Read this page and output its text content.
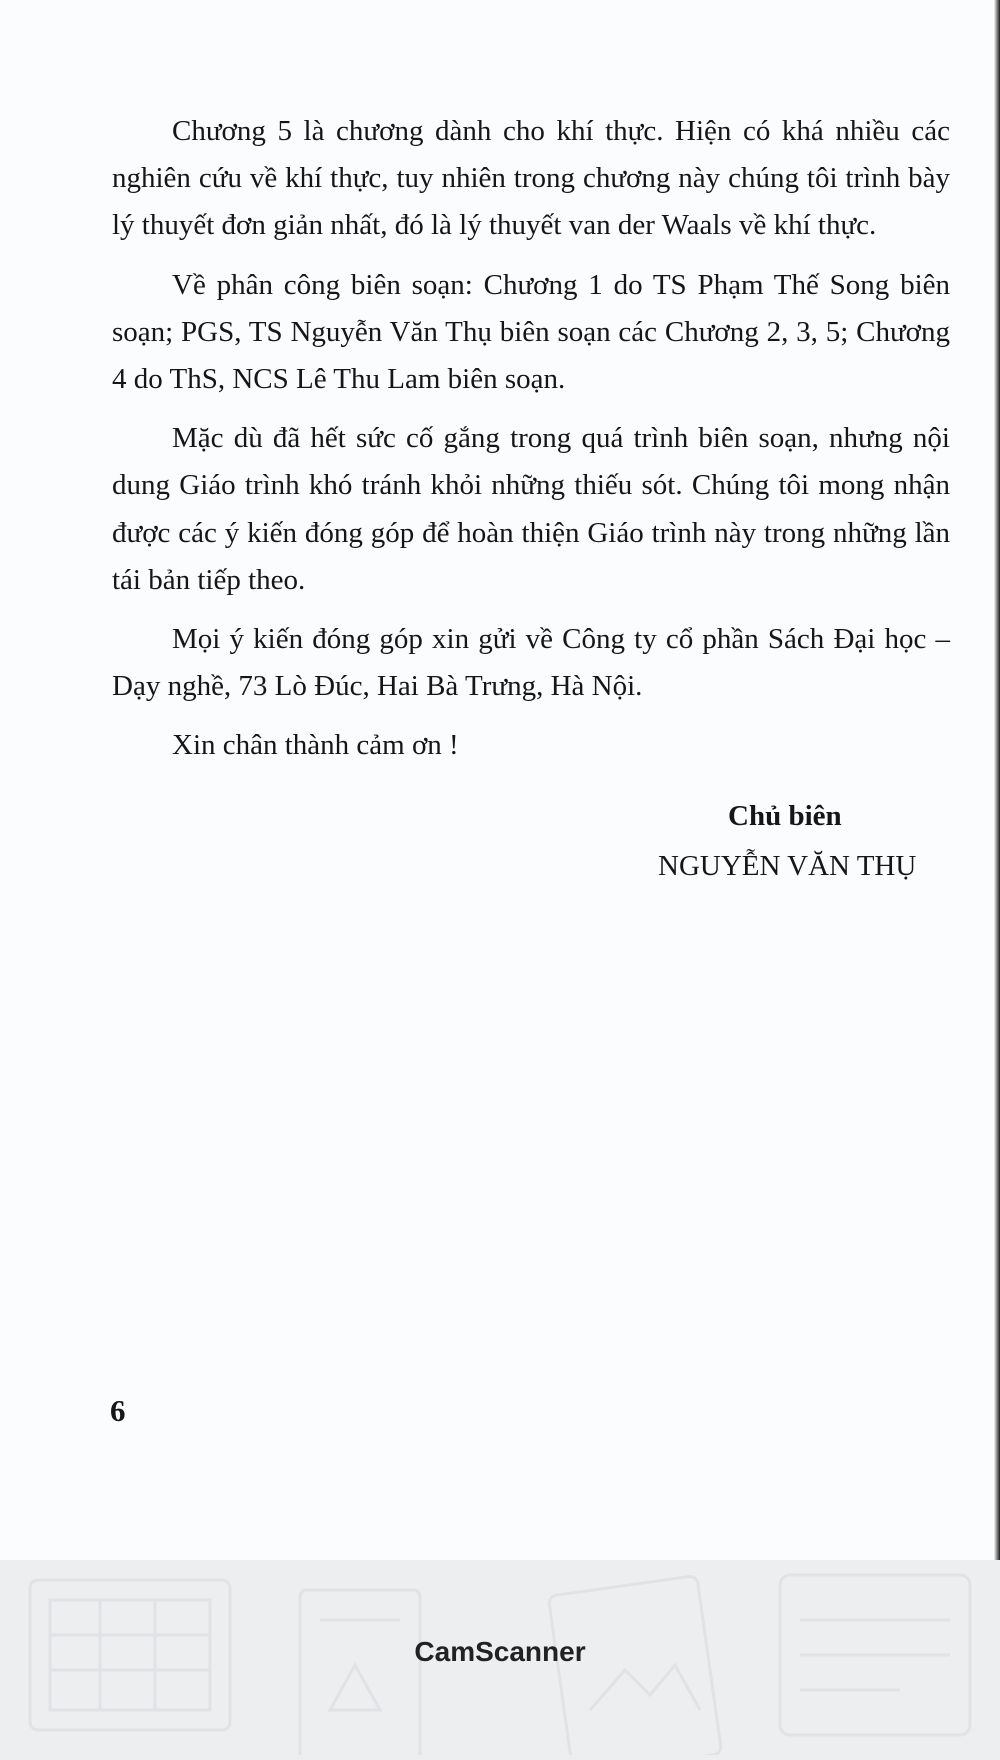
Chương 5 là chương dành cho khí thực. Hiện có khá nhiều các nghiên cứu về khí thực, tuy nhiên trong chương này chúng tôi trình bày lý thuyết đơn giản nhất, đó là lý thuyết van der Waals về khí thực.

Về phân công biên soạn: Chương 1 do TS Phạm Thế Song biên soạn; PGS, TS Nguyễn Văn Thụ biên soạn các Chương 2, 3, 5; Chương 4 do ThS, NCS Lê Thu Lam biên soạn.

Mặc dù đã hết sức cố gắng trong quá trình biên soạn, nhưng nội dung Giáo trình khó tránh khỏi những thiếu sót. Chúng tôi mong nhận được các ý kiến đóng góp để hoàn thiện Giáo trình này trong những lần tái bản tiếp theo.

Mọi ý kiến đóng góp xin gửi về Công ty cổ phần Sách Đại học – Dạy nghề, 73 Lò Đúc, Hai Bà Trưng, Hà Nội.

Xin chân thành cảm ơn !

Chủ biên
NGUYỄN VĂN THỤ
6
CamScanner
